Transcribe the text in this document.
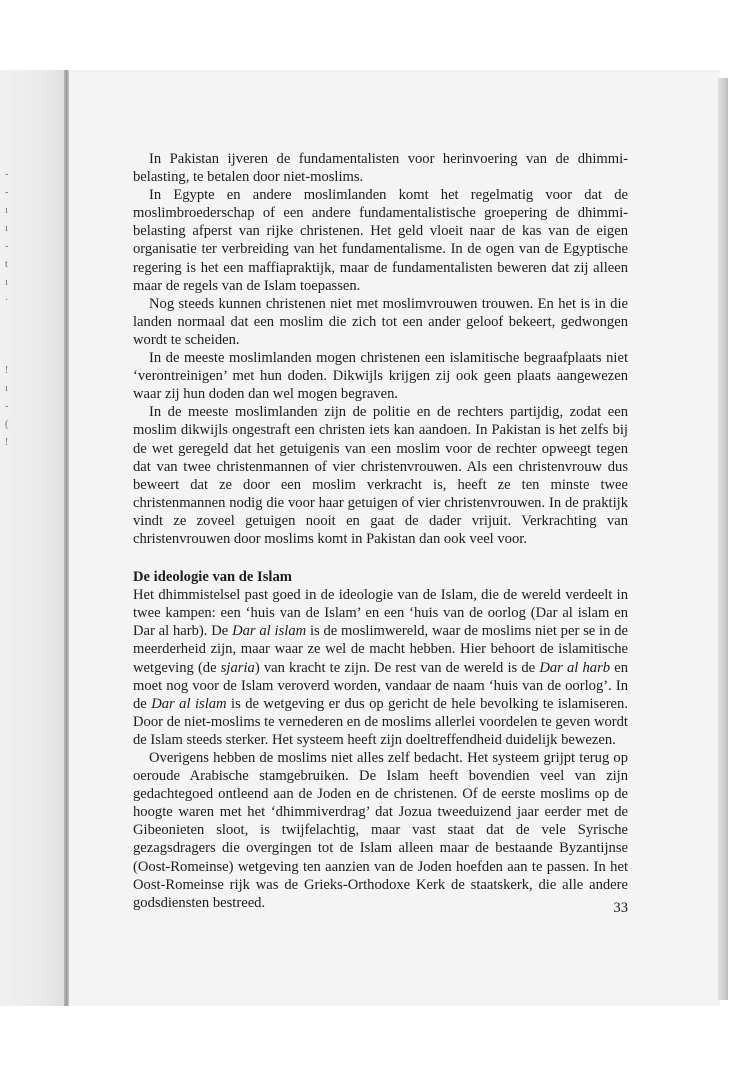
-
-
ı
ı
-
t
ı
·
!
ı
-
(
!

In Pakistan ijveren de fundamentalisten voor herinvoering van de dhimmi-belasting, te betalen door niet-moslims.

In Egypte en andere moslimlanden komt het regelmatig voor dat de moslimbroederschap of een andere fundamentalistische groepering de dhimmi-belasting afperst van rijke christenen. Het geld vloeit naar de kas van de eigen organisatie ter verbreiding van het fundamentalisme. In de ogen van de Egyptische regering is het een maffiapraktijk, maar de fundamentalisten beweren dat zij alleen maar de regels van de Islam toepassen.

Nog steeds kunnen christenen niet met moslimvrouwen trouwen. En het is in die landen normaal dat een moslim die zich tot een ander geloof bekeert, gedwongen wordt te scheiden.

In de meeste moslimlanden mogen christenen een islamitische begraafplaats niet ‘verontreinigen’ met hun doden. Dikwijls krijgen zij ook geen plaats aangewezen waar zij hun doden dan wel mogen begraven.

In de meeste moslimlanden zijn de politie en de rechters partijdig, zodat een moslim dikwijls ongestraft een christen iets kan aandoen. In Pakistan is het zelfs bij de wet geregeld dat het getuigenis van een moslim voor de rechter opweegt tegen dat van twee christenmannen of vier christenvrouwen. Als een christenvrouw dus beweert dat ze door een moslim verkracht is, heeft ze ten minste twee christenmannen nodig die voor haar getuigen of vier christenvrouwen. In de praktijk vindt ze zoveel getuigen nooit en gaat de dader vrijuit. Verkrachting van christenvrouwen door moslims komt in Pakistan dan ook veel voor.

De ideologie van de Islam

Het dhimmistelsel past goed in de ideologie van de Islam, die de wereld verdeelt in twee kampen: een ‘huis van de Islam’ en een ‘huis van de oorlog (Dar al islam en Dar al harb). De Dar al islam is de moslimwereld, waar de moslims niet per se in de meerderheid zijn, maar waar ze wel de macht hebben. Hier behoort de islamitische wetgeving (de sjaria) van kracht te zijn. De rest van de wereld is de Dar al harb en moet nog voor de Islam veroverd worden, vandaar de naam ‘huis van de oorlog’. In de Dar al islam is de wetgeving er dus op gericht de hele bevolking te islamiseren. Door de niet-moslims te vernederen en de moslims allerlei voordelen te geven wordt de Islam steeds sterker. Het systeem heeft zijn doeltreffendheid duidelijk bewezen.

Overigens hebben de moslims niet alles zelf bedacht. Het systeem grijpt terug op oeroude Arabische stamgebruiken. De Islam heeft bovendien veel van zijn gedachtegoed ontleend aan de Joden en de christenen. Of de eerste moslims op de hoogte waren met het ‘dhimmiverdrag’ dat Jozua tweeduizend jaar eerder met de Gibeonieten sloot, is twijfelachtig, maar vast staat dat de vele Syrische gezagsdragers die overgingen tot de Islam alleen maar de bestaande Byzantijnse (Oost-Romeinse) wetgeving ten aanzien van de Joden hoefden aan te passen. In het Oost-Romeinse rijk was de Grieks-Orthodoxe Kerk de staatskerk, die alle andere godsdiensten bestreed.	33
